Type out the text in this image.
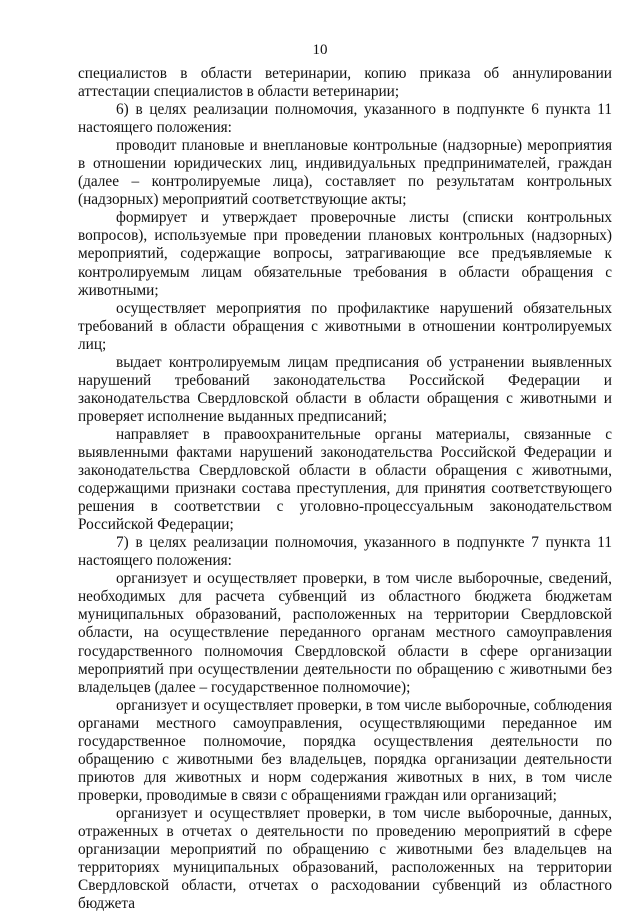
10

специалистов в области ветеринарии, копию приказа об аннулировании аттестации специалистов в области ветеринарии;

6) в целях реализации полномочия, указанного в подпункте 6 пункта 11 настоящего положения:

проводит плановые и внеплановые контрольные (надзорные) мероприятия в отношении юридических лиц, индивидуальных предпринимателей, граждан (далее – контролируемые лица), составляет по результатам контрольных (надзорных) мероприятий соответствующие акты;

формирует и утверждает проверочные листы (списки контрольных вопросов), используемые при проведении плановых контрольных (надзорных) мероприятий, содержащие вопросы, затрагивающие все предъявляемые к контролируемым лицам обязательные требования в области обращения с животными;

осуществляет мероприятия по профилактике нарушений обязательных требований в области обращения с животными в отношении контролируемых лиц;

выдает контролируемым лицам предписания об устранении выявленных нарушений требований законодательства Российской Федерации и законодательства Свердловской области в области обращения с животными и проверяет исполнение выданных предписаний;

направляет в правоохранительные органы материалы, связанные с выявленными фактами нарушений законодательства Российской Федерации и законодательства Свердловской области в области обращения с животными, содержащими признаки состава преступления, для принятия соответствующего решения в соответствии с уголовно-процессуальным законодательством Российской Федерации;

7) в целях реализации полномочия, указанного в подпункте 7 пункта 11 настоящего положения:

организует и осуществляет проверки, в том числе выборочные, сведений, необходимых для расчета субвенций из областного бюджета бюджетам муниципальных образований, расположенных на территории Свердловской области, на осуществление переданного органам местного самоуправления государственного полномочия Свердловской области в сфере организации мероприятий при осуществлении деятельности по обращению с животными без владельцев (далее – государственное полномочие);

организует и осуществляет проверки, в том числе выборочные, соблюдения органами местного самоуправления, осуществляющими переданное им государственное полномочие, порядка осуществления деятельности по обращению с животными без владельцев, порядка организации деятельности приютов для животных и норм содержания животных в них, в том числе проверки, проводимые в связи с обращениями граждан или организаций;

организует и осуществляет проверки, в том числе выборочные, данных, отраженных в отчетах о деятельности по проведению мероприятий в сфере организации мероприятий по обращению с животными без владельцев на территориях муниципальных образований, расположенных на территории Свердловской области, отчетах о расходовании субвенций из областного бюджета
